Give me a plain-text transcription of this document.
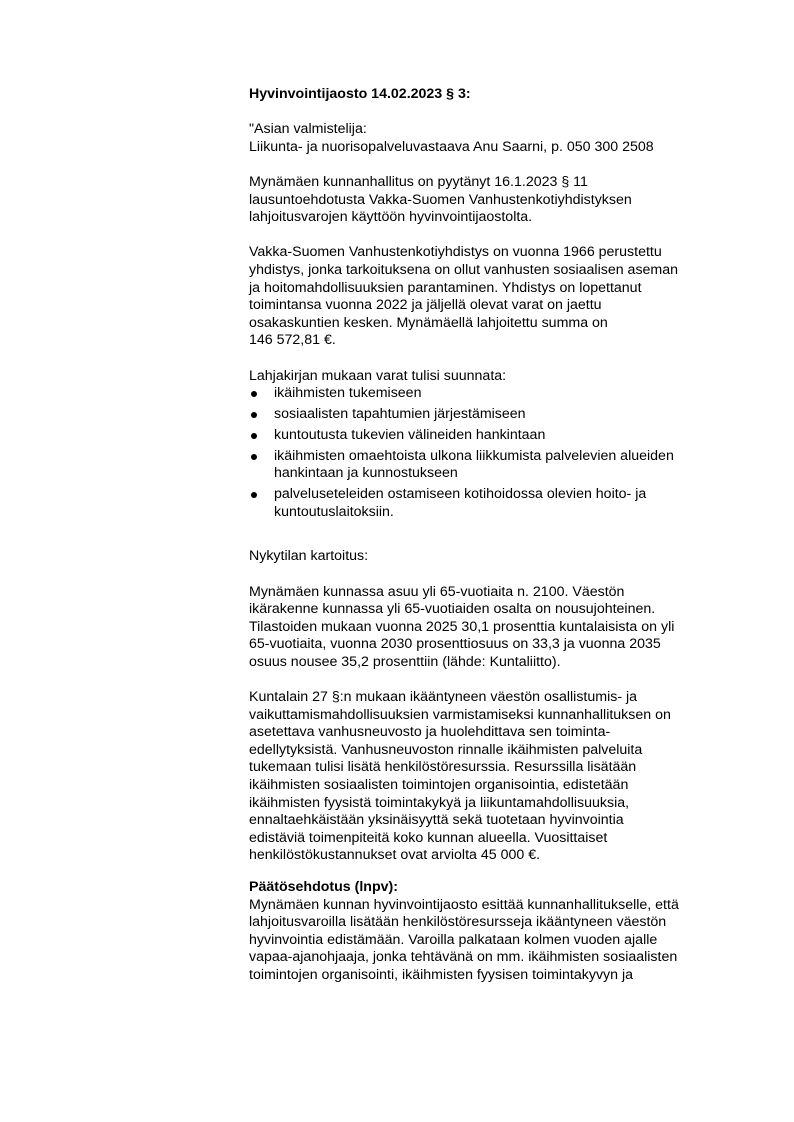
Hyvinvointijaosto 14.02.2023 § 3:

"Asian valmistelija:
Liikunta- ja nuorisopalveluvastaava Anu Saarni, p. 050 300 2508
Mynämäen kunnanhallitus on pyytänyt 16.1.2023 § 11
lausuntoehdotusta Vakka-Suomen Vanhustenkotiyhdistyksen
lahjoitusvarojen käyttöön hyvinvointijaostolta.
Vakka-Suomen Vanhustenkotiyhdistys on vuonna 1966 perustettu
yhdistys, jonka tarkoituksena on ollut vanhusten sosiaalisen aseman
ja hoitomahdollisuuksien parantaminen. Yhdistys on lopettanut
toimintansa vuonna 2022 ja jäljellä olevat varat on jaettu
osakaskuntien kesken. Mynämäellä lahjoitettu summa on
146 572,81 €.
Lahjakirjan mukaan varat tulisi suunnata:
ikäihmisten tukemiseen
sosiaalisten tapahtumien järjestämiseen
kuntoutusta tukevien välineiden hankintaan
ikäihmisten omaehtoista ulkona liikkumista palvelevien alueiden
hankintaan ja kunnostukseen
palveluseteleiden ostamiseen kotihoidossa olevien hoito- ja
kuntoutuslaitoksiin.
Nykytilan kartoitus:
Mynämäen kunnassa asuu yli 65-vuotiaita n. 2100. Väestön
ikärakenne kunnassa yli 65-vuotiaiden osalta on nousujohteinen.
Tilastoiden mukaan vuonna 2025 30,1 prosenttia kuntalaisista on yli
65-vuotiaita, vuonna 2030 prosenttiosuus on 33,3 ja vuonna 2035
osuus nousee 35,2 prosenttiin (lähde: Kuntaliitto).
Kuntalain 27 §:n mukaan ikääntyneen väestön osallistumis- ja
vaikuttamismahdollisuuksien varmistamiseksi kunnanhallituksen on
asetettava vanhusneuvosto ja huolehdittava sen toiminta-
edellytyksistä. Vanhusneuvoston rinnalle ikäihmisten palveluita
tukemaan tulisi lisätä henkilöstöresurssia. Resurssilla lisätään
ikäihmisten sosiaalisten toimintojen organisointia, edistetään
ikäihmisten fyysistä toimintakykyä ja liikuntamahdollisuuksia,
ennaltaehkäistään yksinäisyyttä sekä tuotetaan hyvinvointia
edistäviä toimenpiteitä koko kunnan alueella. Vuosittaiset
henkilöstökustannukset ovat arviolta 45 000 €.

Päätösehdotus (lnpv):

Mynämäen kunnan hyvinvointijaosto esittää kunnanhallitukselle, että
lahjoitusvaroilla lisätään henkilöstöresursseja ikääntyneen väestön
hyvinvointia edistämään. Varoilla palkataan kolmen vuoden ajalle
vapaa-ajanohjaaja, jonka tehtävänä on mm. ikäihmisten sosiaalisten
toimintojen organisointi, ikäihmisten fyysisen toimintakyvyn ja
